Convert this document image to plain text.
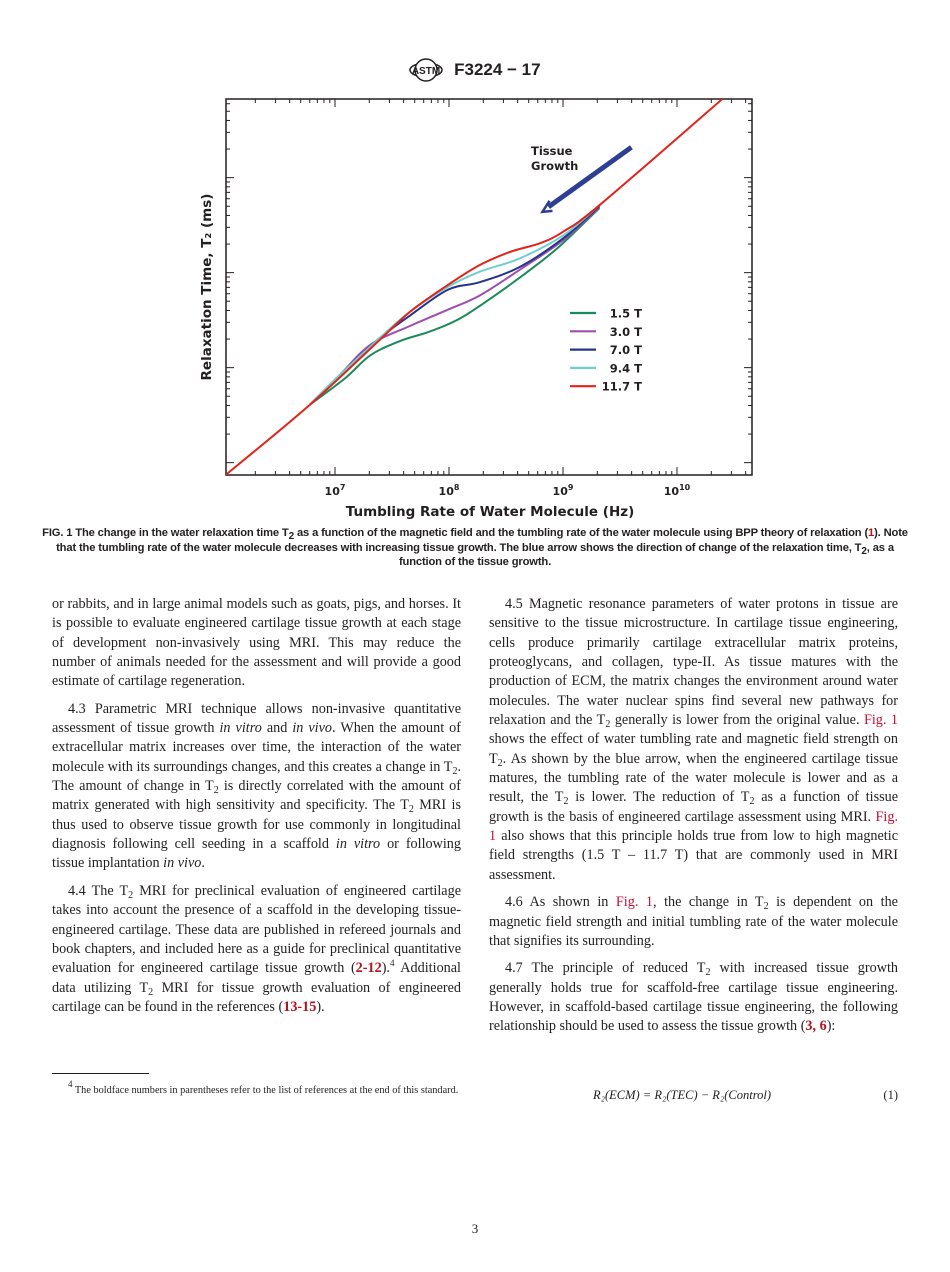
ASTM F3224 − 17
$10^7$	$10^8$	$10^9$	$10^{10}$
Tumbling Rate of Water Molecule (Hz)
Relaxation Time, T₂ (ms)	1.5 T
3.0 T
7.0 T
9.4 T
11.7 T
Tissue
Growth
FIG. 1 The change in the water relaxation time $T_2$ as a function of the magnetic field and the tumbling rate of the water molecule using BPP theory of relaxation (1). Note that the tumbling rate of the water molecule decreases with increasing tissue growth. The blue arrow shows the direction of change of the relaxation time, $T_2$, as a function of the tissue growth.

or rabbits, and in large animal models such as goats, pigs, and horses. It is possible to evaluate engineered cartilage tissue growth at each stage of development non-invasively using MRI. This may reduce the number of animals needed for the assessment and will provide a good estimate of cartilage regeneration.

4.3 Parametric MRI technique allows non-invasive quantitative assessment of tissue growth in vitro and in vivo. When the amount of extracellular matrix increases over time, the interaction of the water molecule with its surroundings changes, and this creates a change in $T_2$. The amount of change in $T_2$ is directly correlated with the amount of matrix generated with high sensitivity and specificity. The $T_2$ MRI is thus used to observe tissue growth for use commonly in longitudinal diagnosis following cell seeding in a scaffold in vitro or following tissue implantation in vivo.

4.4 The $T_2$ MRI for preclinical evaluation of engineered cartilage takes into account the presence of a scaffold in the developing tissue-engineered cartilage. These data are published in refereed journals and book chapters, and included here as a guide for preclinical quantitative evaluation for engineered cartilage tissue growth (2-12).$^4$ Additional data utilizing $T_2$ MRI for tissue growth evaluation of engineered cartilage can be found in the references (13-15).

4.5 Magnetic resonance parameters of water protons in tissue are sensitive to the tissue microstructure. In cartilage tissue engineering, cells produce primarily cartilage extracellular matrix proteins, proteoglycans, and collagen, type-II. As tissue matures with the production of ECM, the matrix changes the environment around water molecules. The water nuclear spins find several new pathways for relaxation and the $T_2$ generally is lower from the original value. Fig. 1 shows the effect of water tumbling rate and magnetic field strength on $T_2$. As shown by the blue arrow, when the engineered cartilage tissue matures, the tumbling rate of the water molecule is lower and as a result, the $T_2$ is lower. The reduction of $T_2$ as a function of tissue growth is the basis of engineered cartilage assessment using MRI. Fig. 1 also shows that this principle holds true from low to high magnetic field strengths (1.5 T – 11.7 T) that are commonly used in MRI assessment.

4.6 As shown in Fig. 1, the change in $T_2$ is dependent on the magnetic field strength and initial tumbling rate of the water molecule that signifies its surrounding.

4.7 The principle of reduced $T_2$ with increased tissue growth generally holds true for scaffold-free cartilage tissue engineering. However, in scaffold-based cartilage tissue engineering, the following relationship should be used to assess the tissue growth (3, 6):

$^4$ The boldface numbers in parentheses refer to the list of references at the end of this standard.	R₂(ECM) = R₂(TEC) − R₂(Control)	(1)
3
